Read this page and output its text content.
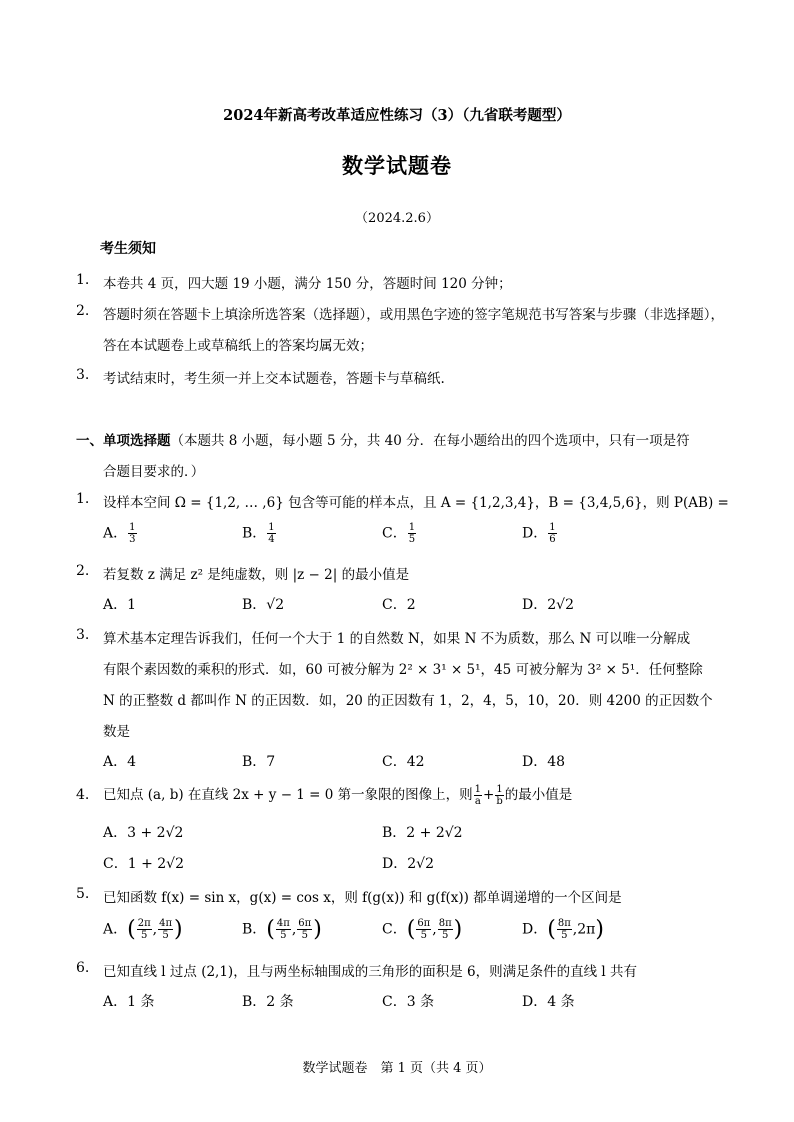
2024年新高考改革适应性练习（3）（九省联考题型）
数学试题卷
（2024.2.6）
考生须知
1. 本卷共 4 页，四大题 19 小题，满分 150 分，答题时间 120 分钟；
2. 答题时须在答题卡上填涂所选答案（选择题），或用黑色字迹的签字笔规范书写答案与步骤（非选择题），
答在本试题卷上或草稿纸上的答案均属无效；
3. 考试结束时，考生须一并上交本试题卷，答题卡与草稿纸.
一、单项选择题（本题共 8 小题，每小题 5 分，共 40 分．在每小题给出的四个选项中，只有一项是符
合题目要求的．）
1. 设样本空间 Ω = {1,2, … ,6} 包含等可能的样本点，且 A = {1,2,3,4}，B = {3,4,5,6}，则 P(AB) =
A． $\frac{1}{3}$	B． $\frac{1}{4}$	C． $\frac{1}{5}$	D． $\frac{1}{6}$
2. 若复数 z 满足 z² 是纯虚数，则 |z − 2| 的最小值是
A．1	B．√2	C．2	D．2√2
3. 算术基本定理告诉我们，任何一个大于 1 的自然数 N，如果 N 不为质数，那么 N 可以唯一分解成
有限个素因数的乘积的形式．如，60 可被分解为 2² × 3¹ × 5¹，45 可被分解为 3² × 5¹．任何整除
N 的正整数 d 都叫作 N 的正因数．如，20 的正因数有 1，2，4，5，10，20．则 4200 的正因数个
数是
A．4	B．7	C．42	D．48
4. 已知点 (a, b) 在直线 2x + y − 1 = 0 第一象限的图像上，则 $\frac{1}{a} + \frac{1}{b}$ 的最小值是
A．3 + 2√2	B．2 + 2√2
C．1 + 2√2	D．2√2
5. 已知函数 f(x) = sin x，g(x) = cos x，则 f(g(x)) 和 g(f(x)) 都单调递增的一个区间是
A．( $\frac{2\pi}{5}$ , $\frac{4\pi}{5}$ )	B．( $\frac{4\pi}{5}$ , $\frac{6\pi}{5}$ )	C．( $\frac{6\pi}{5}$ , $\frac{8\pi}{5}$ )	D．( $\frac{8\pi}{5} ,2\pi$)
6. 已知直线 l 过点 (2,1)，且与两坐标轴围成的三角形的面积是 6，则满足条件的直线 l 共有
A．1 条	B．2 条	C．3 条	D．4 条
数学试题卷　第 1 页（共 4 页）
